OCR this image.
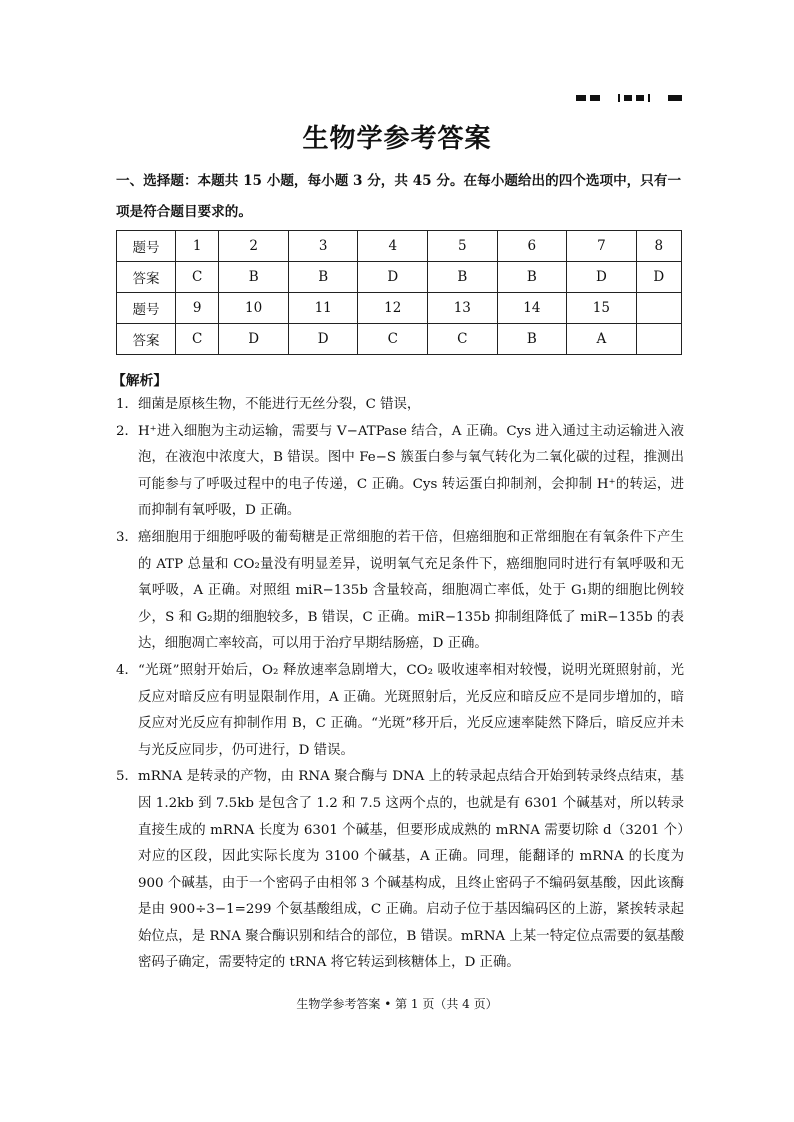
生物学参考答案
一、选择题：本题共 15 小题，每小题 3 分，共 45 分。在每小题给出的四个选项中，只有一项是符合题目要求的。
题号	1	2	3	4	5	6	7	8
答案	C	B	B	D	B	B	D	D
题号	9	10	11	12	13	14	15	
答案	C	D	D	C	C	B	A	
【解析】
1． 细菌是原核生物，不能进行无丝分裂，C 错误，
2． H⁺进入细胞为主动运输，需要与 V−ATPase 结合，A 正确。Cys 进入通过主动运输进入液泡，在液泡中浓度大，B 错误。图中 Fe−S 簇蛋白参与氧气转化为二氧化碳的过程，推测出可能参与了呼吸过程中的电子传递，C 正确。Cys 转运蛋白抑制剂，会抑制 H⁺的转运，进而抑制有氧呼吸，D 正确。
3． 癌细胞用于细胞呼吸的葡萄糖是正常细胞的若干倍，但癌细胞和正常细胞在有氧条件下产生的 ATP 总量和 CO₂量没有明显差异，说明氧气充足条件下，癌细胞同时进行有氧呼吸和无氧呼吸，A 正确。对照组 miR−135b 含量较高，细胞凋亡率低，处于 G₁期的细胞比例较少，S 和 G₂期的细胞较多，B 错误，C 正确。miR−135b 抑制组降低了 miR−135b 的表达，细胞凋亡率较高，可以用于治疗早期结肠癌，D 正确。
4． “光斑”照射开始后，O₂ 释放速率急剧增大，CO₂ 吸收速率相对较慢，说明光斑照射前，光反应对暗反应有明显限制作用，A 正确。光斑照射后，光反应和暗反应不是同步增加的，暗反应对光反应有抑制作用 B，C 正确。“光斑”移开后，光反应速率陡然下降后，暗反应并未与光反应同步，仍可进行，D 错误。
5． mRNA 是转录的产物，由 RNA 聚合酶与 DNA 上的转录起点结合开始到转录终点结束，基因 1.2kb 到 7.5kb 是包含了 1.2 和 7.5 这两个点的，也就是有 6301 个碱基对，所以转录直接生成的 mRNA 长度为 6301 个碱基，但要形成成熟的 mRNA 需要切除 d（3201 个）对应的区段，因此实际长度为 3100 个碱基，A 正确。同理，能翻译的 mRNA 的长度为 900 个碱基，由于一个密码子由相邻 3 个碱基构成，且终止密码子不编码氨基酸，因此该酶是由 900÷3−1=299 个氨基酸组成，C 正确。启动子位于基因编码区的上游，紧挨转录起始位点，是 RNA 聚合酶识别和结合的部位，B 错误。mRNA 上某一特定位点需要的氨基酸密码子确定，需要特定的 tRNA 将它转运到核糖体上，D 正确。
生物学参考答案 • 第 1 页（共 4 页）
